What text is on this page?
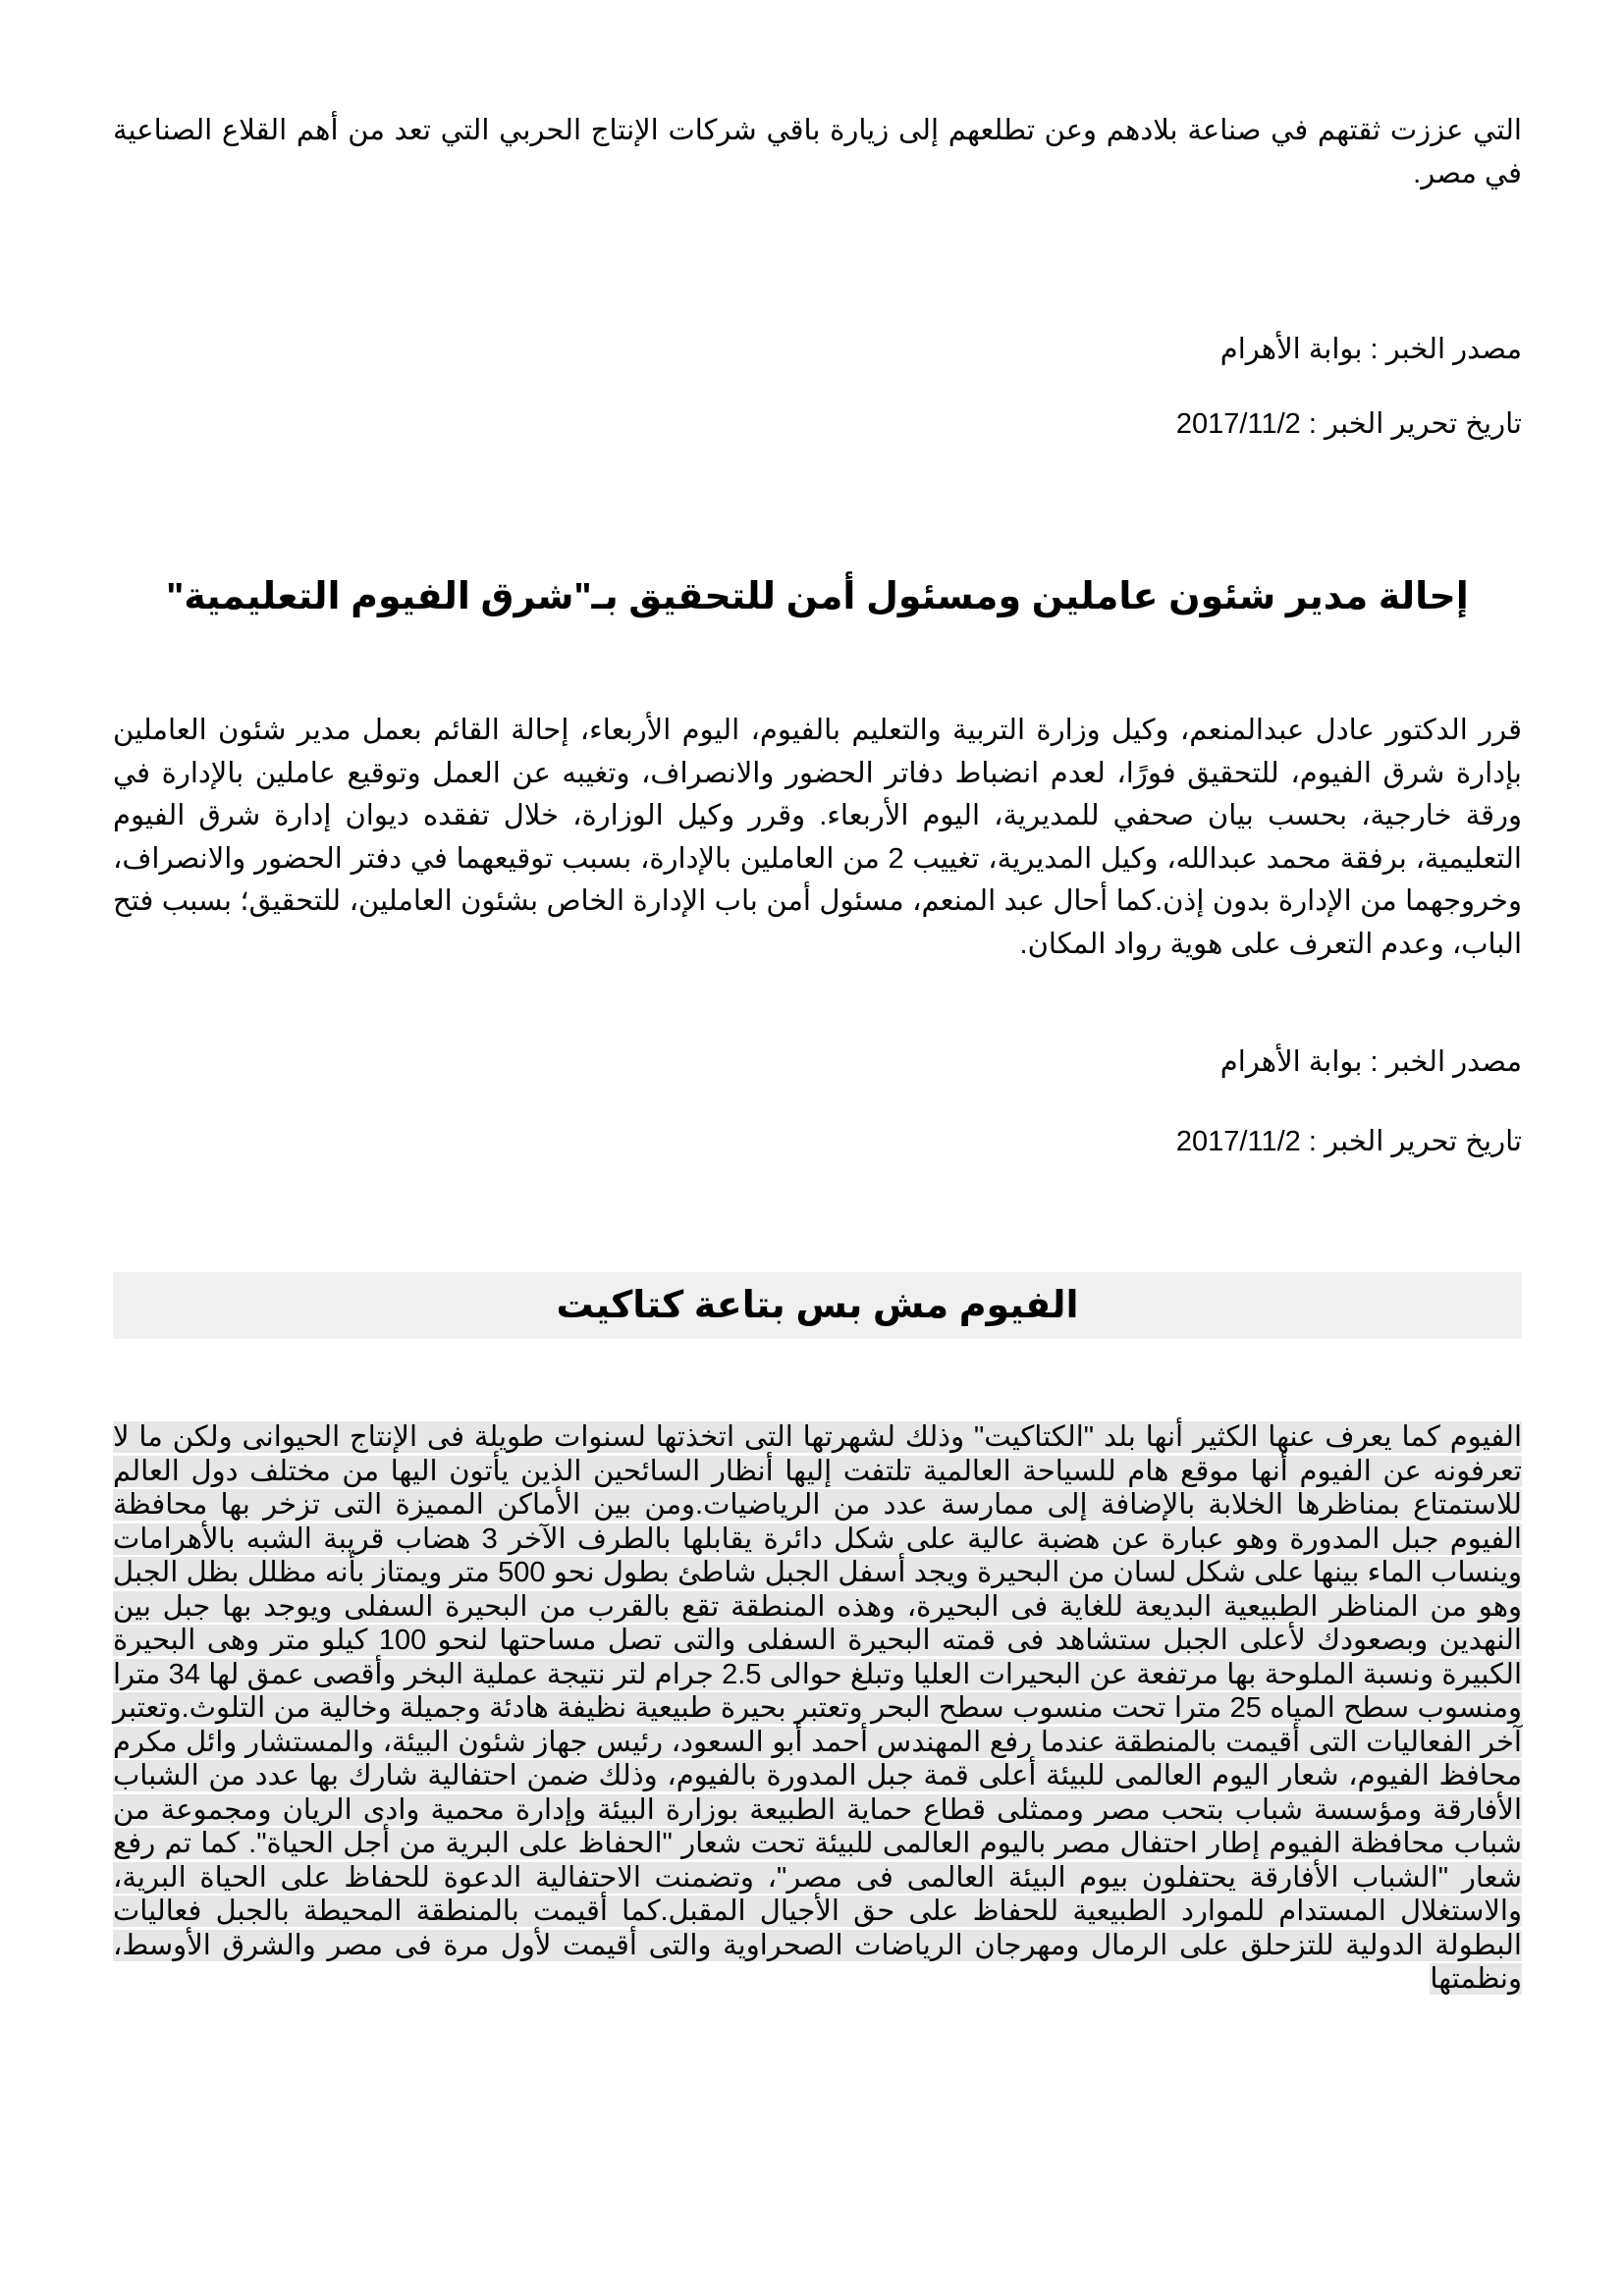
التي عززت ثقتهم في صناعة بلادهم وعن تطلعهم إلى زيارة باقي شركات الإنتاج الحربي التي تعد من أهم القلاع الصناعية في مصر.

مصدر الخبر : بوابة الأهرام

تاريخ تحرير الخبر : 2017/11/2

إحالة مدير شئون عاملين ومسئول أمن للتحقيق بـ"شرق الفيوم التعليمية"

قرر الدكتور عادل عبدالمنعم، وكيل وزارة التربية والتعليم بالفيوم، اليوم الأربعاء، إحالة القائم بعمل مدير شئون العاملين بإدارة شرق الفيوم، للتحقيق فورًا، لعدم انضباط دفاتر الحضور والانصراف، وتغيبه عن العمل وتوقيع عاملين بالإدارة في ورقة خارجية، بحسب بيان صحفي للمديرية، اليوم الأربعاء. وقرر وكيل الوزارة، خلال تفقده ديوان إدارة شرق الفيوم التعليمية، برفقة محمد عبدالله، وكيل المديرية، تغييب 2 من العاملين بالإدارة، بسبب توقيعهما في دفتر الحضور والانصراف، وخروجهما من الإدارة بدون إذن.كما أحال عبد المنعم، مسئول أمن باب الإدارة الخاص بشئون العاملين، للتحقيق؛ بسبب فتح الباب، وعدم التعرف على هوية رواد المكان.

مصدر الخبر : بوابة الأهرام

تاريخ تحرير الخبر : 2017/11/2

الفيوم مش بس بتاعة كتاكيت

الفيوم كما يعرف عنها الكثير أنها بلد "الكتاكيت" وذلك لشهرتها التى اتخذتها لسنوات طويلة فى الإنتاج الحيوانى ولكن ما لا تعرفونه عن الفيوم أنها موقع هام للسياحة العالمية تلتفت إليها أنظار السائحين الذين يأتون اليها من مختلف دول العالم للاستمتاع بمناظرها الخلابة بالإضافة إلى ممارسة عدد من الرياضيات.ومن بين الأماكن المميزة التى تزخر بها محافظة الفيوم جبل المدورة وهو عبارة عن هضبة عالية على شكل دائرة يقابلها بالطرف الآخر 3 هضاب قريبة الشبه بالأهرامات وينساب الماء بينها على شكل لسان من البحيرة ويجد أسفل الجبل شاطئ بطول نحو 500 متر ويمتاز بأنه مظلل بظل الجبل وهو من المناظر الطبيعية البديعة للغاية فى البحيرة، وهذه المنطقة تقع بالقرب من البحيرة السفلى ويوجد بها جبل بين النهدين وبصعودك لأعلى الجبل ستشاهد فى قمته البحيرة السفلى والتى تصل مساحتها لنحو 100 كيلو متر وهى البحيرة الكبيرة ونسبة الملوحة بها مرتفعة عن البحيرات العليا وتبلغ حوالى 2.5 جرام لتر نتيجة عملية البخر وأقصى عمق لها 34 مترا ومنسوب سطح المياه 25 مترا تحت منسوب سطح البحر وتعتبر بحيرة طبيعية نظيفة هادئة وجميلة وخالية من التلوث.وتعتبر آخر الفعاليات التى أقيمت بالمنطقة عندما رفع المهندس أحمد أبو السعود، رئيس جهاز شئون البيئة، والمستشار وائل مكرم محافظ الفيوم، شعار اليوم العالمى للبيئة أعلى قمة جبل المدورة بالفيوم، وذلك ضمن احتفالية شارك بها عدد من الشباب الأفارقة ومؤسسة شباب بتحب مصر وممثلى قطاع حماية الطبيعة بوزارة البيئة وإدارة محمية وادى الريان ومجموعة من شباب محافظة الفيوم إطار احتفال مصر باليوم العالمى للبيئة تحت شعار "الحفاظ على البرية من أجل الحياة". كما تم رفع شعار "الشباب الأفارقة يحتفلون بيوم البيئة العالمى فى مصر"، وتضمنت الاحتفالية الدعوة للحفاظ على الحياة البرية، والاستغلال المستدام للموارد الطبيعية للحفاظ على حق الأجيال المقبل.كما أقيمت بالمنطقة المحيطة بالجبل فعاليات البطولة الدولية للتزحلق على الرمال ومهرجان الرياضات الصحراوية والتى أقيمت لأول مرة فى مصر والشرق الأوسط، ونظمتها
